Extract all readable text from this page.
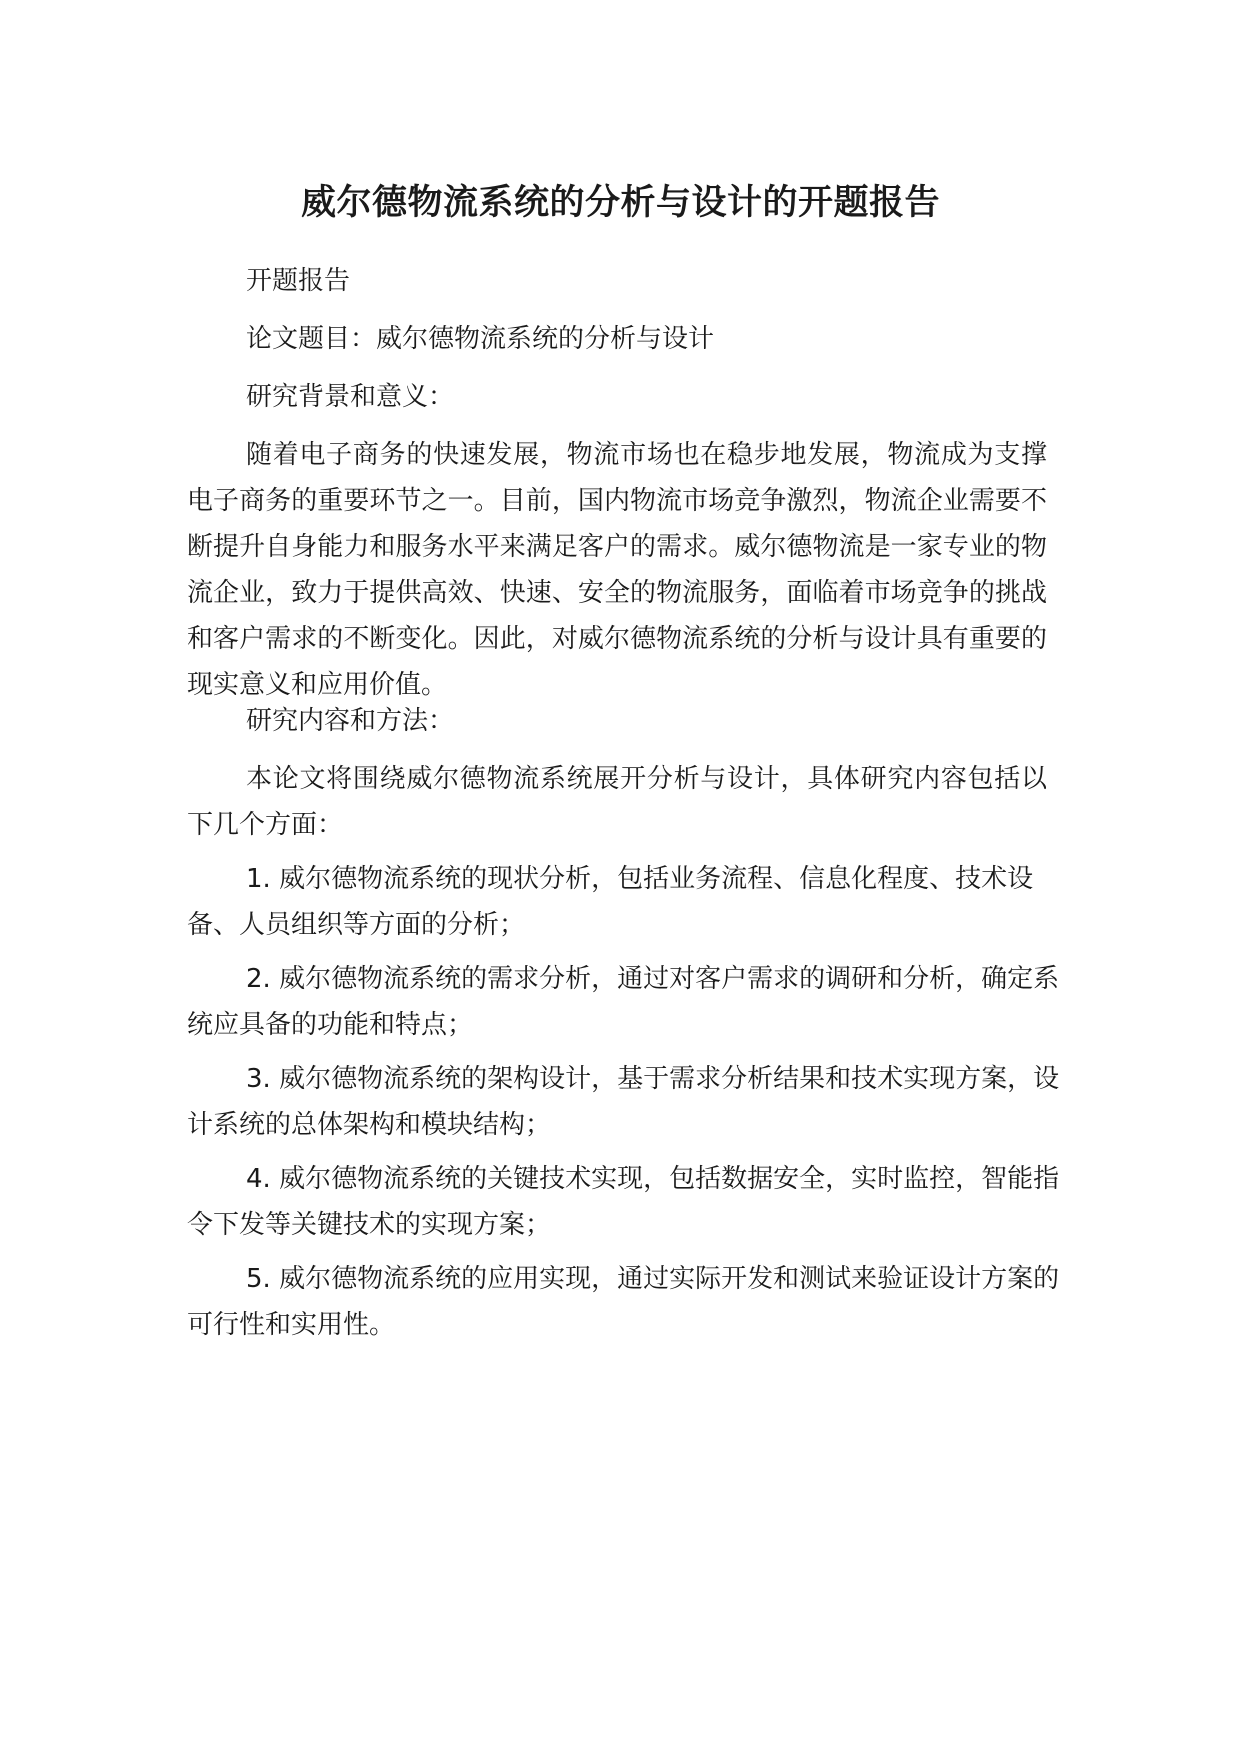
威尔德物流系统的分析与设计的开题报告
开题报告
论文题目：威尔德物流系统的分析与设计
研究背景和意义：
随着电子商务的快速发展，物流市场也在稳步地发展，物流成为支撑电子商务的重要环节之一。目前，国内物流市场竞争激烈，物流企业需要不断提升自身能力和服务水平来满足客户的需求。威尔德物流是一家专业的物流企业，致力于提供高效、快速、安全的物流服务，面临着市场竞争的挑战和客户需求的不断变化。因此，对威尔德物流系统的分析与设计具有重要的现实意义和应用价值。
研究内容和方法：
本论文将围绕威尔德物流系统展开分析与设计，具体研究内容包括以下几个方面：
1. 威尔德物流系统的现状分析，包括业务流程、信息化程度、技术设备、人员组织等方面的分析；
2. 威尔德物流系统的需求分析，通过对客户需求的调研和分析，确定系统应具备的功能和特点；
3. 威尔德物流系统的架构设计，基于需求分析结果和技术实现方案，设计系统的总体架构和模块结构；
4. 威尔德物流系统的关键技术实现，包括数据安全，实时监控，智能指令下发等关键技术的实现方案；
5. 威尔德物流系统的应用实现，通过实际开发和测试来验证设计方案的可行性和实用性。
